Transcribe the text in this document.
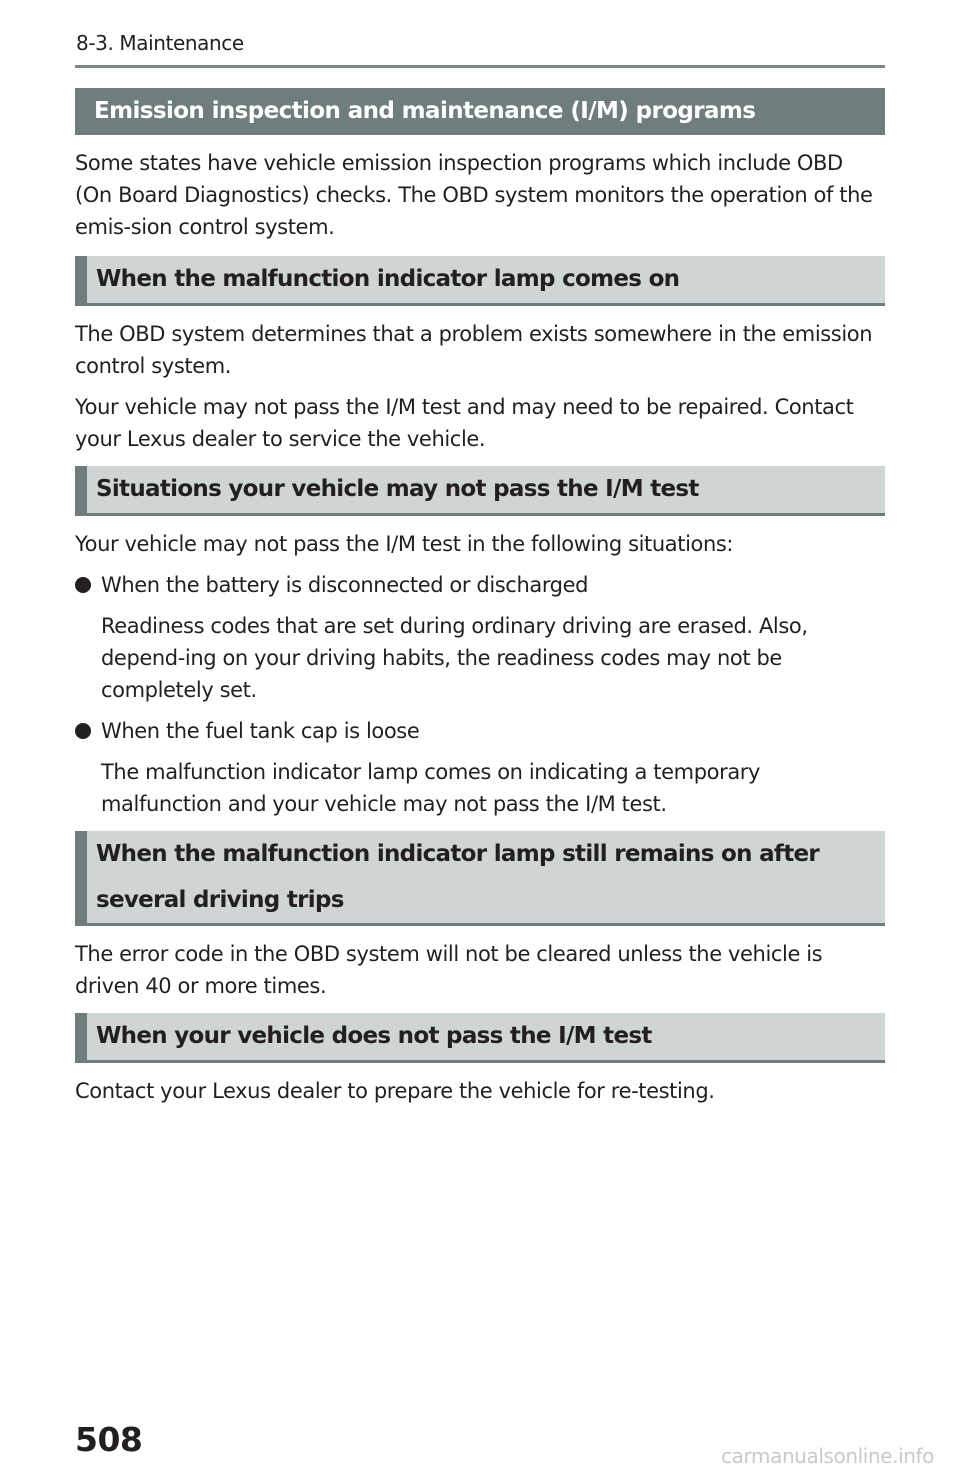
8-3. Maintenance
Emission inspection and maintenance (I/M) programs

Some states have vehicle emission inspection programs which include OBD (On Board Diagnostics) checks. The OBD system monitors the operation of the emis-sion control system.

When the malfunction indicator lamp comes on

The OBD system determines that a problem exists somewhere in the emission control system.

Your vehicle may not pass the I/M test and may need to be repaired. Contact your Lexus dealer to service the vehicle.

Situations your vehicle may not pass the I/M test

Your vehicle may not pass the I/M test in the following situations:

When the battery is disconnected or discharged

Readiness codes that are set during ordinary driving are erased. Also, depend-ing on your driving habits, the readiness codes may not be completely set.

When the fuel tank cap is loose

The malfunction indicator lamp comes on indicating a temporary malfunction and your vehicle may not pass the I/M test.

When the malfunction indicator lamp still remains on after several driving trips

The error code in the OBD system will not be cleared unless the vehicle is driven 40 or more times.

When your vehicle does not pass the I/M test

Contact your Lexus dealer to prepare the vehicle for re-testing.

508	carmanualsonline.info
